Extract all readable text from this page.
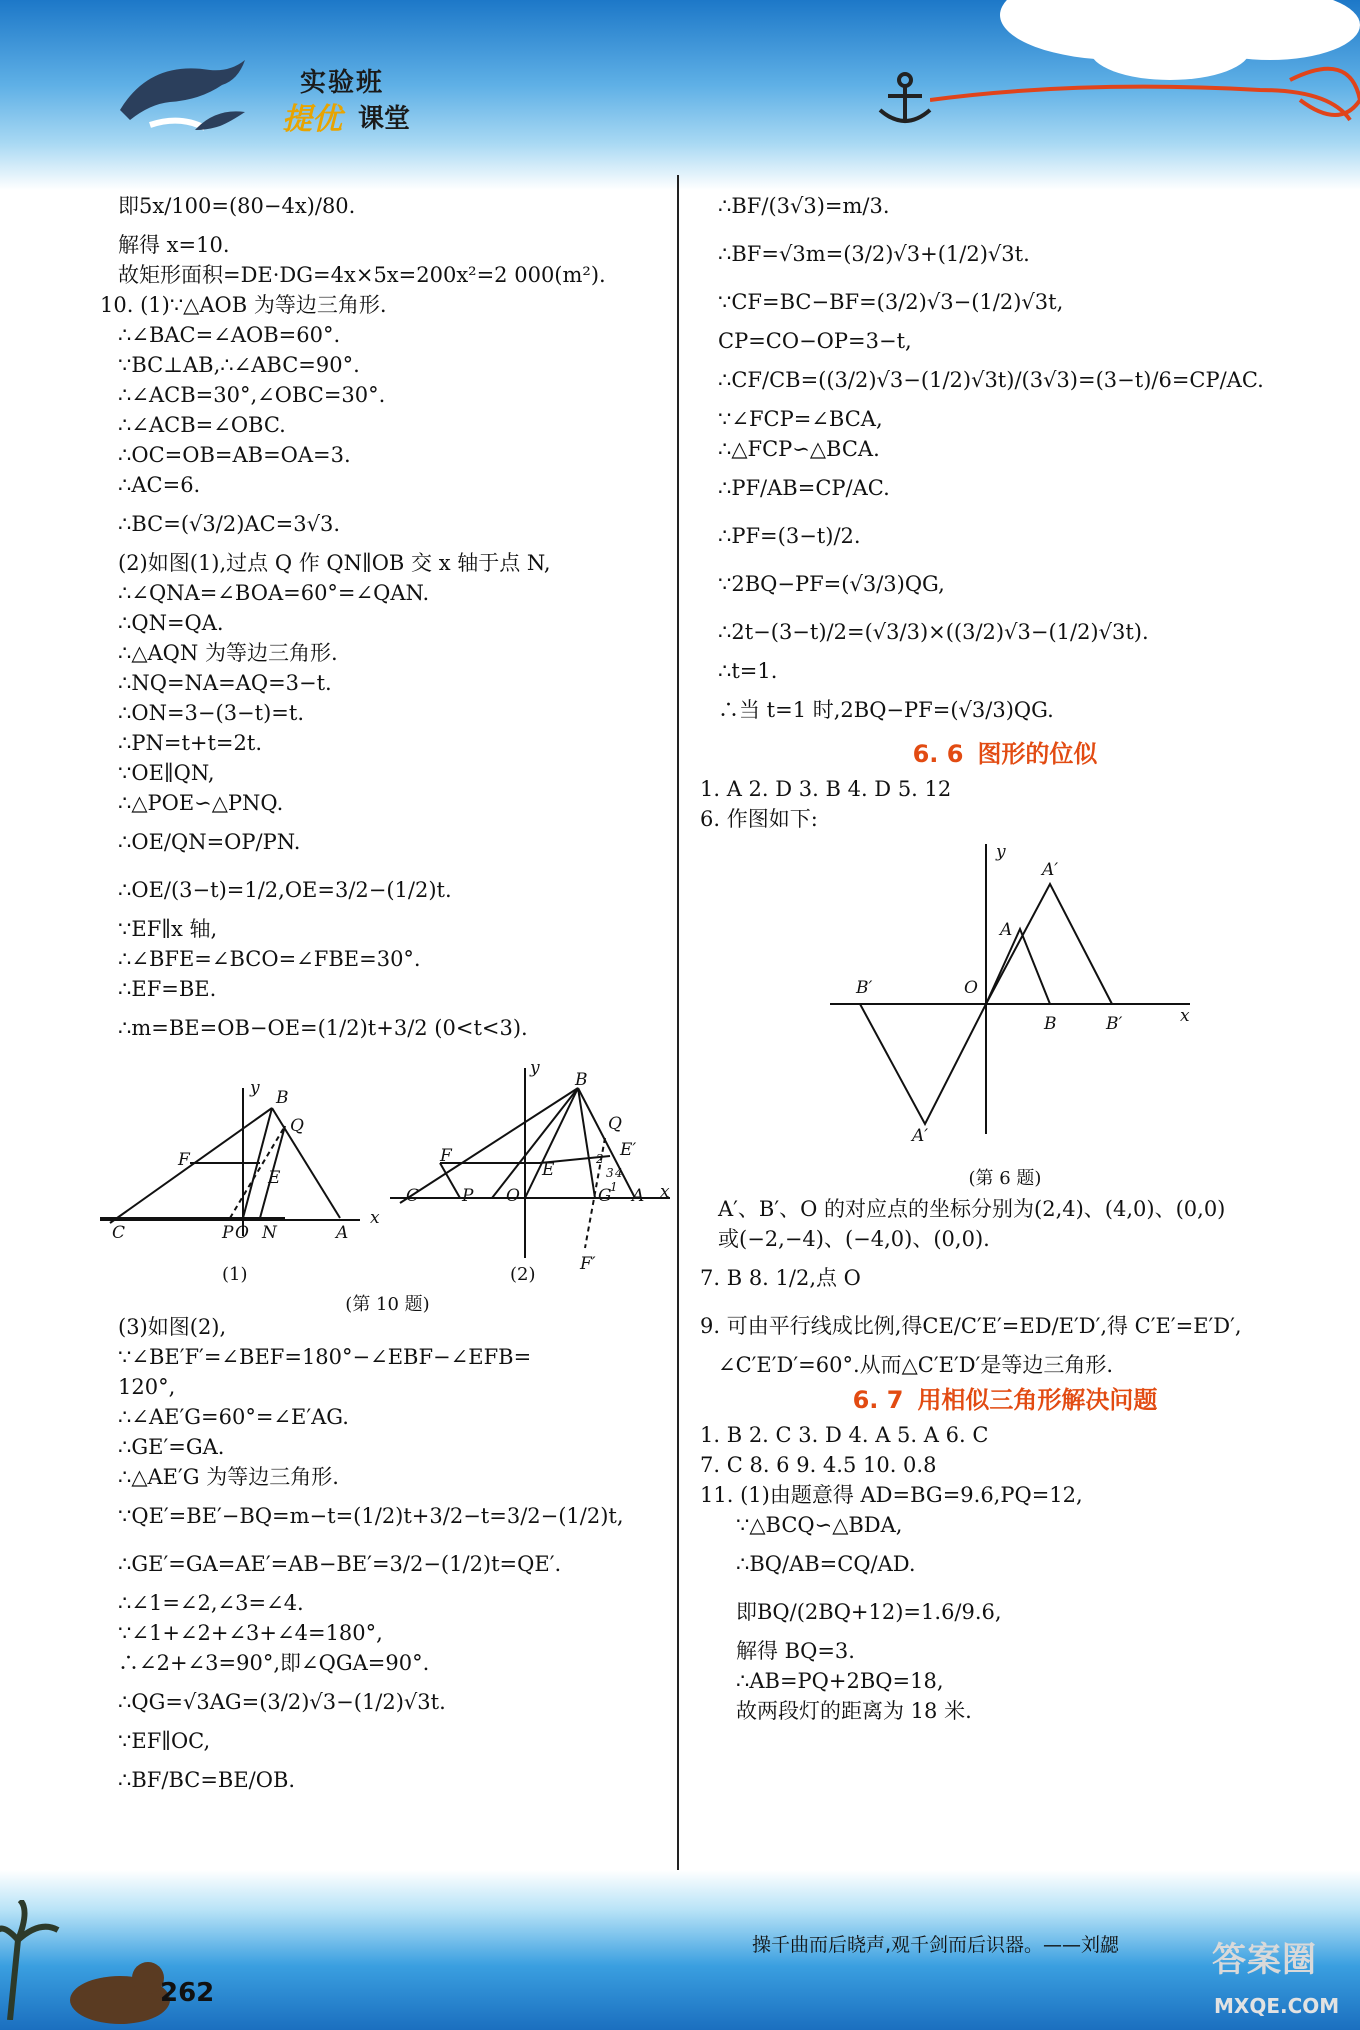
实验班
提优 课堂
即5x/100=(80−4x)/80.
解得 x=10.
故矩形面积=DE·DG=4x×5x=200x²=2 000(m²).
10. (1)∵△AOB 为等边三角形.
∴∠BAC=∠AOB=60°.
∵BC⊥AB,∴∠ABC=90°.
∴∠ACB=30°,∠OBC=30°.
∴∠ACB=∠OBC.
∴OC=OB=AB=OA=3.
∴AC=6.
∴BC=(√3/2)AC=3√3.
(2)如图(1),过点 Q 作 QN∥OB 交 x 轴于点 N,
∴∠QNA=∠BOA=60°=∠QAN.
∴QN=QA.
∴△AQN 为等边三角形.
∴NQ=NA=AQ=3−t.
∴ON=3−(3−t)=t.
∴PN=t+t=2t.
∵OE∥QN,
∴△POE∽△PNQ.
∴OE/QN=OP/PN.
∴OE/(3−t)=1/2,OE=3/2−(1/2)t.
∵EF∥x 轴,
∴∠BFE=∠BCO=∠FBE=30°.
∴EF=BE.
∴m=BE=OB−OE=(1/2)t+3/2 (0<t<3).
y B
Q
F
E
C	P O N	A
x
y
B
Q
F
E
E′
C	P O	G A x
F′
3 4
2
1
(1)	(2)
(第 10 题)
(3)如图(2),
∵∠BE′F′=∠BEF=180°−∠EBF−∠EFB=
120°,
∴∠AE′G=60°=∠E′AG.
∴GE′=GA.
∴△AE′G 为等边三角形.
∵QE′=BE′−BQ=m−t=(1/2)t+3/2−t=3/2−(1/2)t,
∴GE′=GA=AE′=AB−BE′=3/2−(1/2)t=QE′.
∴∠1=∠2,∠3=∠4.
∵∠1+∠2+∠3+∠4=180°,
∴∠2+∠3=90°,即∠QGA=90°.
∴QG=√3AG=(3/2)√3−(1/2)√3t.
∵EF∥OC,
∴BF/BC=BE/OB.
∴BF/(3√3)=m/3.
∴BF=√3m=(3/2)√3+(1/2)√3t.
∵CF=BC−BF=(3/2)√3−(1/2)√3t,
CP=CO−OP=3−t,
∴CF/CB=((3/2)√3−(1/2)√3t)/(3√3)=(3−t)/6=CP/AC.
∵∠FCP=∠BCA,
∴△FCP∽△BCA.
∴PF/AB=CP/AC.
∴PF=(3−t)/2.
∵2BQ−PF=(√3/3)QG,
∴2t−(3−t)/2=(√3/3)×((3/2)√3−(1/2)√3t).
∴t=1.
∴当 t=1 时,2BQ−PF=(√3/3)QG.
6. 6 图形的位似
1. A 2. D 3. B 4. D 5. 12
6. 作图如下:
y
A′
A
B′	O
B	B′	x
A′
(第 6 题)
A′、B′、O 的对应点的坐标分别为(2,4)、(4,0)、(0,0)
或(−2,−4)、(−4,0)、(0,0).
7. B 8. 1/2,点 O
9. 可由平行线成比例,得CE/C′E′=ED/E′D′,得 C′E′=E′D′,
∠C′E′D′=60°.从而△C′E′D′是等边三角形.
6. 7 用相似三角形解决问题
1. B 2. C 3. D 4. A 5. A 6. C
7. C 8. 6 9. 4.5 10. 0.8
11. (1)由题意得 AD=BG=9.6,PQ=12,
∵△BCQ∽△BDA,
∴BQ/AB=CQ/AD.
即BQ/(2BQ+12)=1.6/9.6,
解得 BQ=3.
∴AB=PQ+2BQ=18,
故两段灯的距离为 18 米.
262
操千曲而后晓声,观千剑而后识器。——刘勰	答案圈
MXQE.COM
